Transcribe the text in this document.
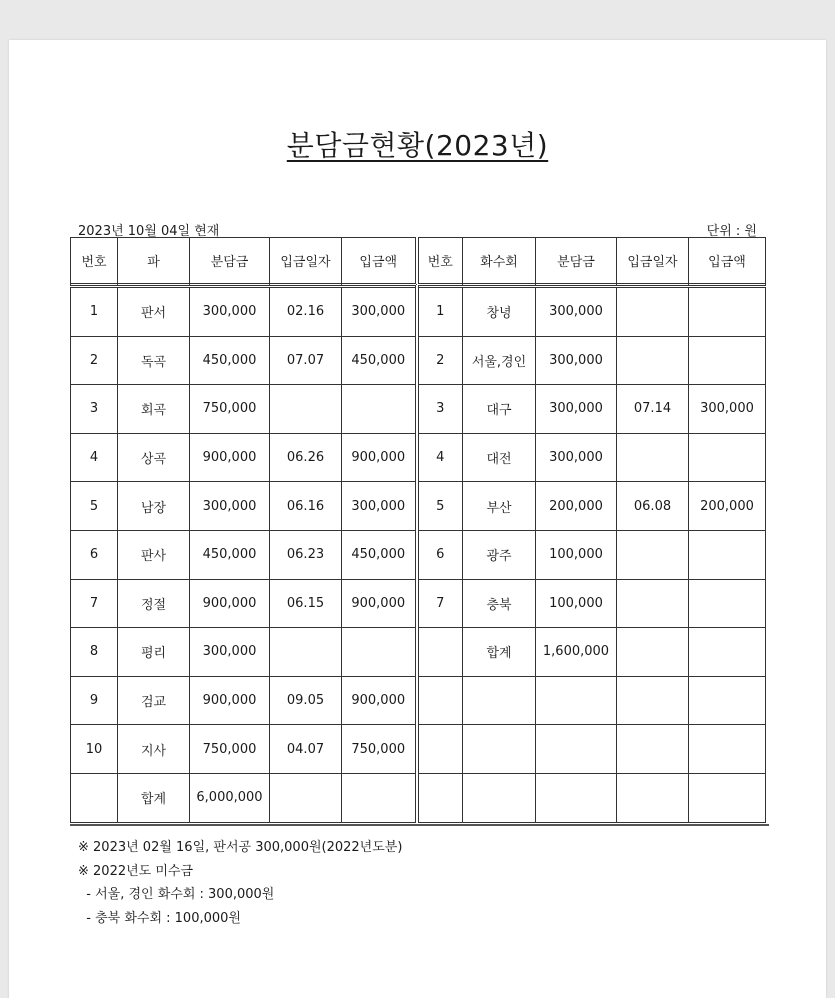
분담금현황(2023년)
2023년 10월 04일 현재	단위 : 원
번호	파	분담금	입금일자	입금액	번호	화수회	분담금	입금일자	입금액

1	판서	300,000	02.16	300,000	1	창녕	300,000		
2	독곡	450,000	07.07	450,000	2	서울,경인	300,000		
3	회곡	750,000			3	대구	300,000	07.14	300,000
4	상곡	900,000	06.26	900,000	4	대전	300,000		
5	남장	300,000	06.16	300,000	5	부산	200,000	06.08	200,000
6	판사	450,000	06.23	450,000	6	광주	100,000		
7	정절	900,000	06.15	900,000	7	충북	100,000		
8	평리	300,000				합계	1,600,000		
9	검교	900,000	09.05	900,000					
10	지사	750,000	04.07	750,000					
	합계	6,000,000							
※ 2023년 02월 16일, 판서공 300,000원(2022년도분)
※ 2022년도 미수금
- 서울, 경인 화수회 : 300,000원
- 충북 화수회 : 100,000원
